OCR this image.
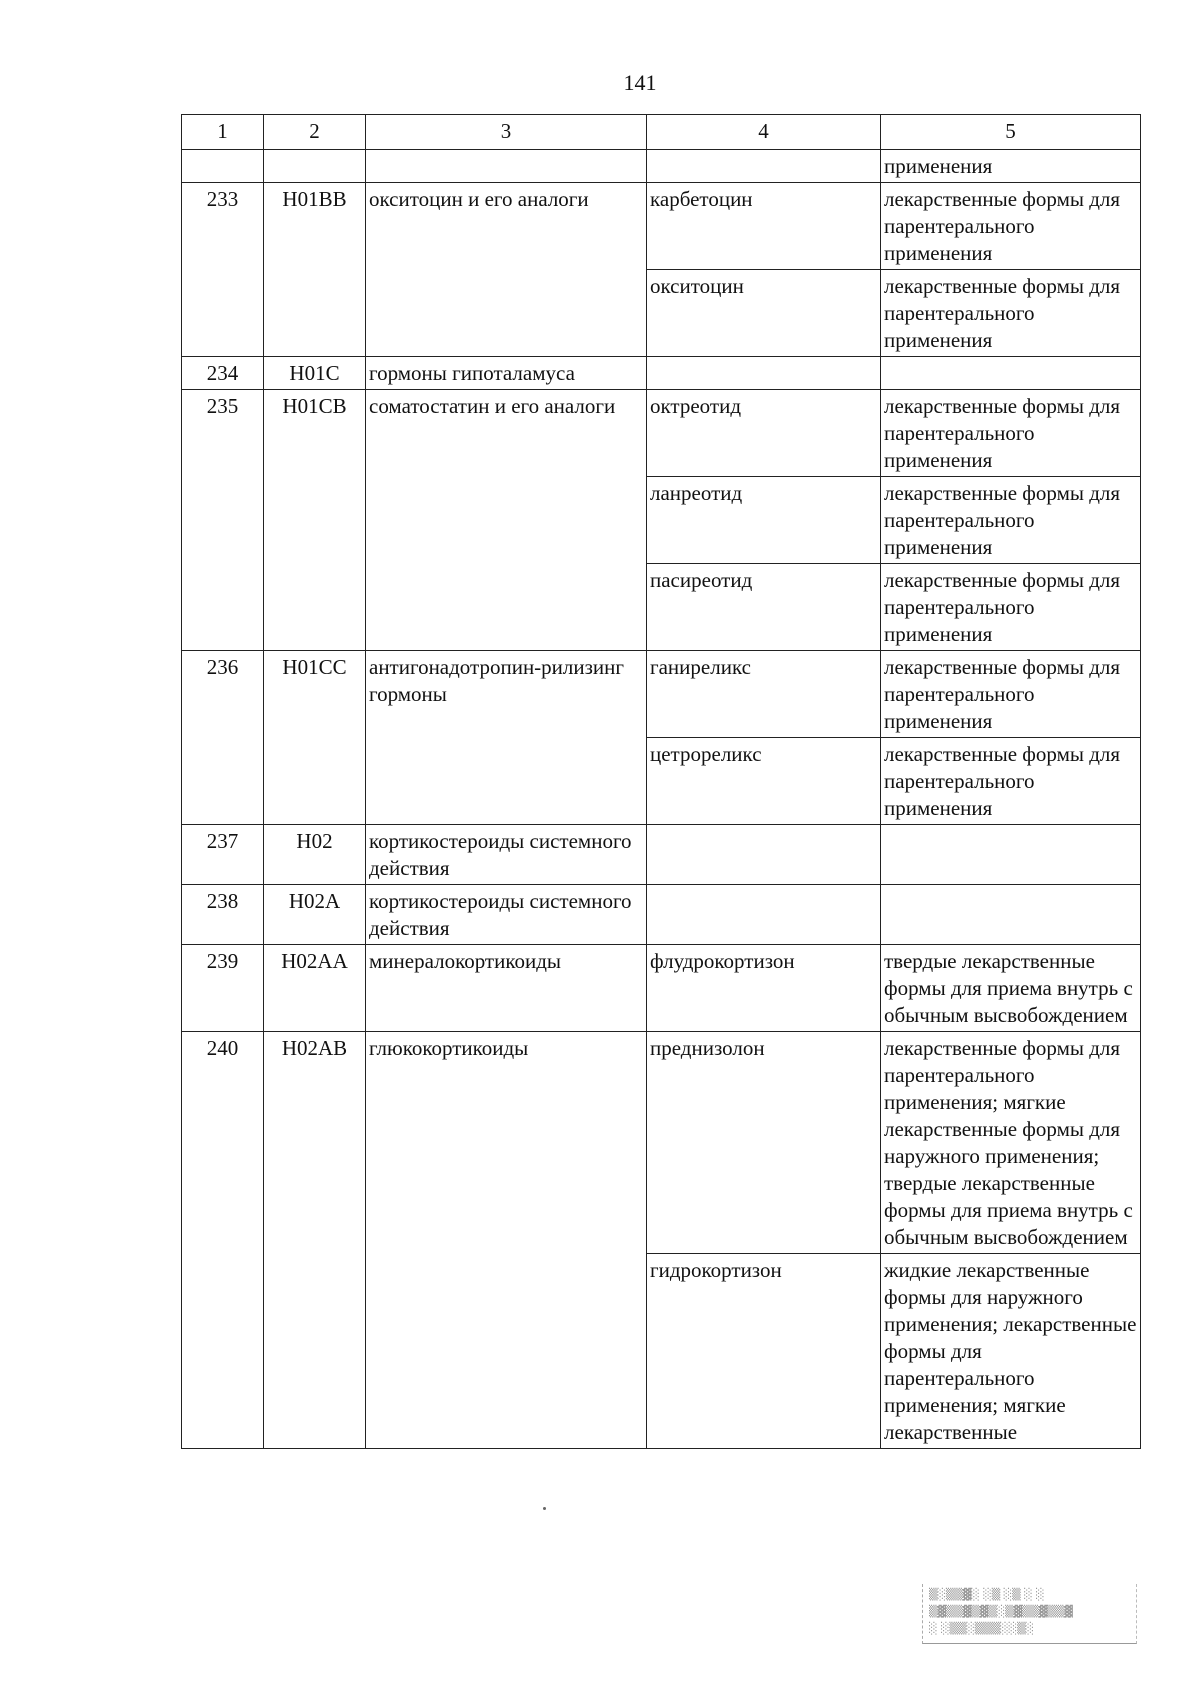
141
1	2	3	4	5
				применения
233	H01BB	окситоцин и его аналоги	карбетоцин	лекарственные формы для парентерального применения
			окситоцин	лекарственные формы для парентерального применения
234	H01C	гормоны гипоталамуса		
235	H01CB	соматостатин и его аналоги	октреотид	лекарственные формы для парентерального применения
			ланреотид	лекарственные формы для парентерального применения
			пасиреотид	лекарственные формы для парентерального применения
236	H01CC	антигонадотропин-рилизинг гормоны	ганиреликс	лекарственные формы для парентерального применения
			цетрореликс	лекарственные формы для парентерального применения
237	H02	кортикостероиды системного действия		
238	H02A	кортикостероиды системного действия		
239	H02AA	минералокортикоиды	флудрокортизон	твердые лекарственные формы для приема внутрь с обычным высвобождением
240	H02AB	глюкокортикоиды	преднизолон	лекарственные формы для парентерального применения; мягкие лекарственные формы для наружного применения; твердые лекарственные формы для приема внутрь с обычным высвобождением
			гидрокортизон	жидкие лекарственные формы для наружного применения; лекарственные формы для парентерального применения; мягкие лекарственные
▒░▒▒▓░ ░▒ ░▒ ░ ░
▒▓▒▒▓▒▓▒░▒▓▒▒▓▒▒▓
░ ░▒▒░▒▒▒░░▒░
